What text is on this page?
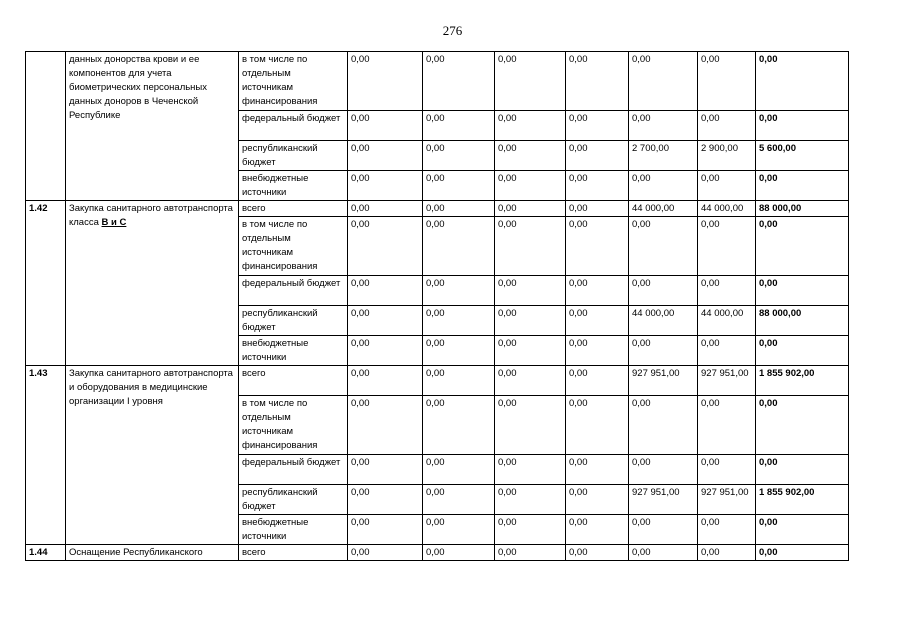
276
	данных донорства крови и ее компонентов для учета биометрических персональных данных доноров в Чеченской Республике	в том числе по отдельным источникам финансирования	0,00	0,00	0,00	0,00	0,00	0,00	0,00
		федеральный бюджет	0,00	0,00	0,00	0,00	0,00	0,00	0,00
		республиканский бюджет	0,00	0,00	0,00	0,00	2 700,00	2 900,00	5 600,00
		внебюджетные источники	0,00	0,00	0,00	0,00	0,00	0,00	0,00
1.42	Закупка санитарного автотранспорта класса В и С	всего	0,00	0,00	0,00	0,00	44 000,00	44 000,00	88 000,00
		в том числе по отдельным источникам финансирования	0,00	0,00	0,00	0,00	0,00	0,00	0,00
		федеральный бюджет	0,00	0,00	0,00	0,00	0,00	0,00	0,00
		республиканский бюджет	0,00	0,00	0,00	0,00	44 000,00	44 000,00	88 000,00
		внебюджетные источники	0,00	0,00	0,00	0,00	0,00	0,00	0,00
1.43	Закупка санитарного автотранспорта и оборудования в медицинские организации I уровня	всего	0,00	0,00	0,00	0,00	927 951,00	927 951,00	1 855 902,00
		в том числе по отдельным источникам финансирования	0,00	0,00	0,00	0,00	0,00	0,00	0,00
		федеральный бюджет	0,00	0,00	0,00	0,00	0,00	0,00	0,00
		республиканский бюджет	0,00	0,00	0,00	0,00	927 951,00	927 951,00	1 855 902,00
		внебюджетные источники	0,00	0,00	0,00	0,00	0,00	0,00	0,00
1.44	Оснащение Республиканского	всего	0,00	0,00	0,00	0,00	0,00	0,00	0,00
